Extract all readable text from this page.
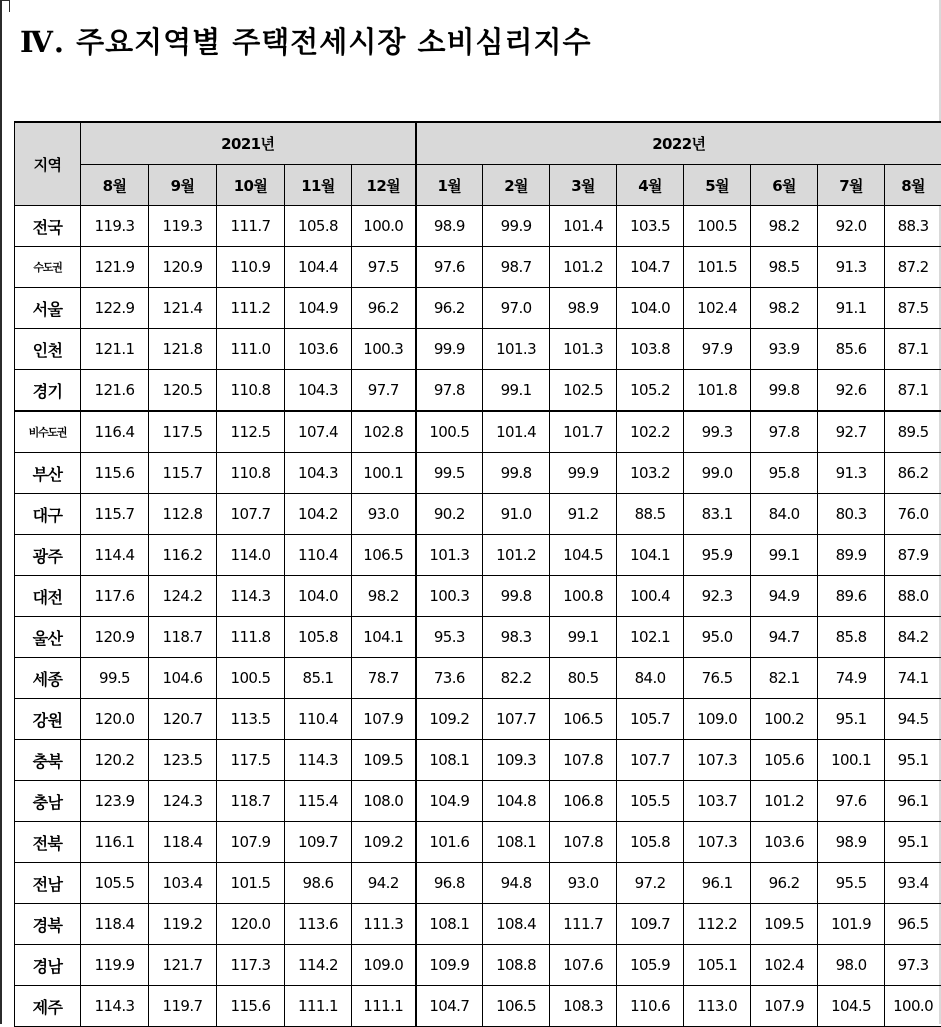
Ⅳ. 주요지역별 주택전세시장 소비심리지수
지역	2021년					2022년							
	8월	9월	10월	11월	12월	1월	2월	3월	4월	5월	6월	7월	8월
전국	119.3	119.3	111.7	105.8	100.0	98.9	99.9	101.4	103.5	100.5	98.2	92.0	88.3
수도권	121.9	120.9	110.9	104.4	97.5	97.6	98.7	101.2	104.7	101.5	98.5	91.3	87.2
서울	122.9	121.4	111.2	104.9	96.2	96.2	97.0	98.9	104.0	102.4	98.2	91.1	87.5
인천	121.1	121.8	111.0	103.6	100.3	99.9	101.3	101.3	103.8	97.9	93.9	85.6	87.1
경기	121.6	120.5	110.8	104.3	97.7	97.8	99.1	102.5	105.2	101.8	99.8	92.6	87.1
비수도권	116.4	117.5	112.5	107.4	102.8	100.5	101.4	101.7	102.2	99.3	97.8	92.7	89.5
부산	115.6	115.7	110.8	104.3	100.1	99.5	99.8	99.9	103.2	99.0	95.8	91.3	86.2
대구	115.7	112.8	107.7	104.2	93.0	90.2	91.0	91.2	88.5	83.1	84.0	80.3	76.0
광주	114.4	116.2	114.0	110.4	106.5	101.3	101.2	104.5	104.1	95.9	99.1	89.9	87.9
대전	117.6	124.2	114.3	104.0	98.2	100.3	99.8	100.8	100.4	92.3	94.9	89.6	88.0
울산	120.9	118.7	111.8	105.8	104.1	95.3	98.3	99.1	102.1	95.0	94.7	85.8	84.2
세종	99.5	104.6	100.5	85.1	78.7	73.6	82.2	80.5	84.0	76.5	82.1	74.9	74.1
강원	120.0	120.7	113.5	110.4	107.9	109.2	107.7	106.5	105.7	109.0	100.2	95.1	94.5
충북	120.2	123.5	117.5	114.3	109.5	108.1	109.3	107.8	107.7	107.3	105.6	100.1	95.1
충남	123.9	124.3	118.7	115.4	108.0	104.9	104.8	106.8	105.5	103.7	101.2	97.6	96.1
전북	116.1	118.4	107.9	109.7	109.2	101.6	108.1	107.8	105.8	107.3	103.6	98.9	95.1
전남	105.5	103.4	101.5	98.6	94.2	96.8	94.8	93.0	97.2	96.1	96.2	95.5	93.4
경북	118.4	119.2	120.0	113.6	111.3	108.1	108.4	111.7	109.7	112.2	109.5	101.9	96.5
경남	119.9	121.7	117.3	114.2	109.0	109.9	108.8	107.6	105.9	105.1	102.4	98.0	97.3
제주	114.3	119.7	115.6	111.1	111.1	104.7	106.5	108.3	110.6	113.0	107.9	104.5	100.0
